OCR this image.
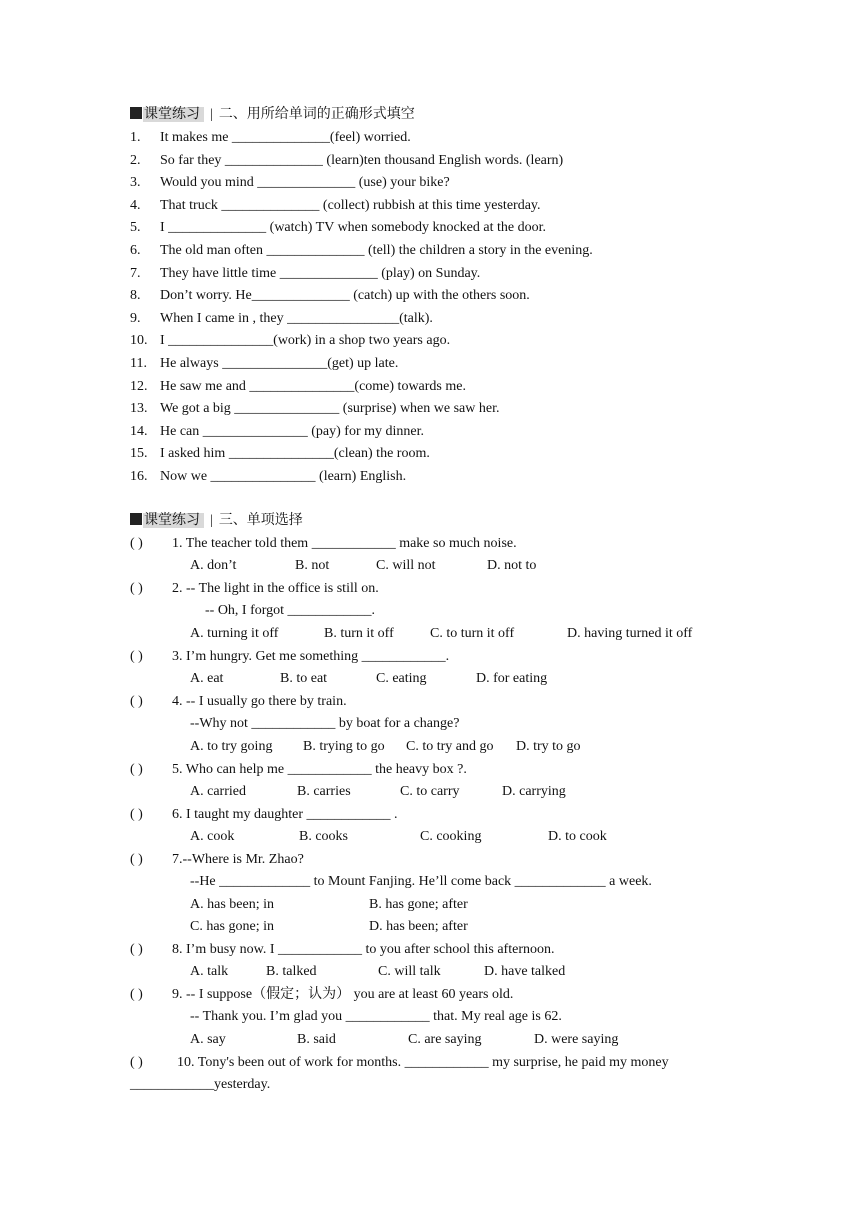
课堂练习 | 二、用所给单词的正确形式填空
1. It makes me ______________(feel) worried.
2. So far they ______________ (learn)ten thousand English words. (learn)
3. Would you mind ______________ (use) your bike?
4. That truck ______________ (collect) rubbish at this time yesterday.
5. I ______________ (watch) TV when somebody knocked at the door.
6. The old man often ______________ (tell) the children a story in the evening.
7. They have little time ______________ (play) on Sunday.
8. Don’t worry. He______________ (catch) up with the others soon.
9. When I came in , they ________________(talk).
10. I _______________(work) in a shop two years ago.
11. He always _______________(get) up late.
12. He saw me and _______________(come) towards me.
13. We got a big _______________ (surprise) when we saw her.
14. He can _______________ (pay) for my dinner.
15. I asked him _______________(clean) the room.
16. Now we _______________ (learn) English.
课堂练习 | 三、单项选择
( ) 1. The teacher told them ____________ make so much noise.
A. don’t	B. not	C. will not	D. not to
( ) 2. -- The light in the office is still on.
-- Oh, I forgot ____________.
A. turning it off	B. turn it off	C. to turn it off	D. having turned it off
( ) 3. I’m hungry. Get me something ____________.
A. eat	B. to eat	C. eating	D. for eating
( ) 4. -- I usually go there by train.
--Why not ____________ by boat for a change?
A. to try going B. trying to go C. to try and go D. try to go
( ) 5. Who can help me ____________ the heavy box ?.
A. carried	B. carries	C. to carry	D. carrying
( ) 6. I taught my daughter ____________ .
A. cook	B. cooks	C. cooking	D. to cook
( ) 7.--Where is Mr. Zhao?
--He _____________ to Mount Fanjing. He’ll come back _____________ a week.
A. has been; in	B. has gone; after
C. has gone; in	D. has been; after
( ) 8. I’m busy now. I ____________ to you after school this afternoon.
A. talk	B. talked	C. will talk	D. have talked
( ) 9. -- I suppose（假定；认为） you are at least 60 years old.
-- Thank you. I’m glad you ____________ that. My real age is 62.
A. say	B. said	C. are saying	D. were saying
( ) 10. Tony's been out of work for months. ____________ my surprise, he paid my money
____________yesterday.
